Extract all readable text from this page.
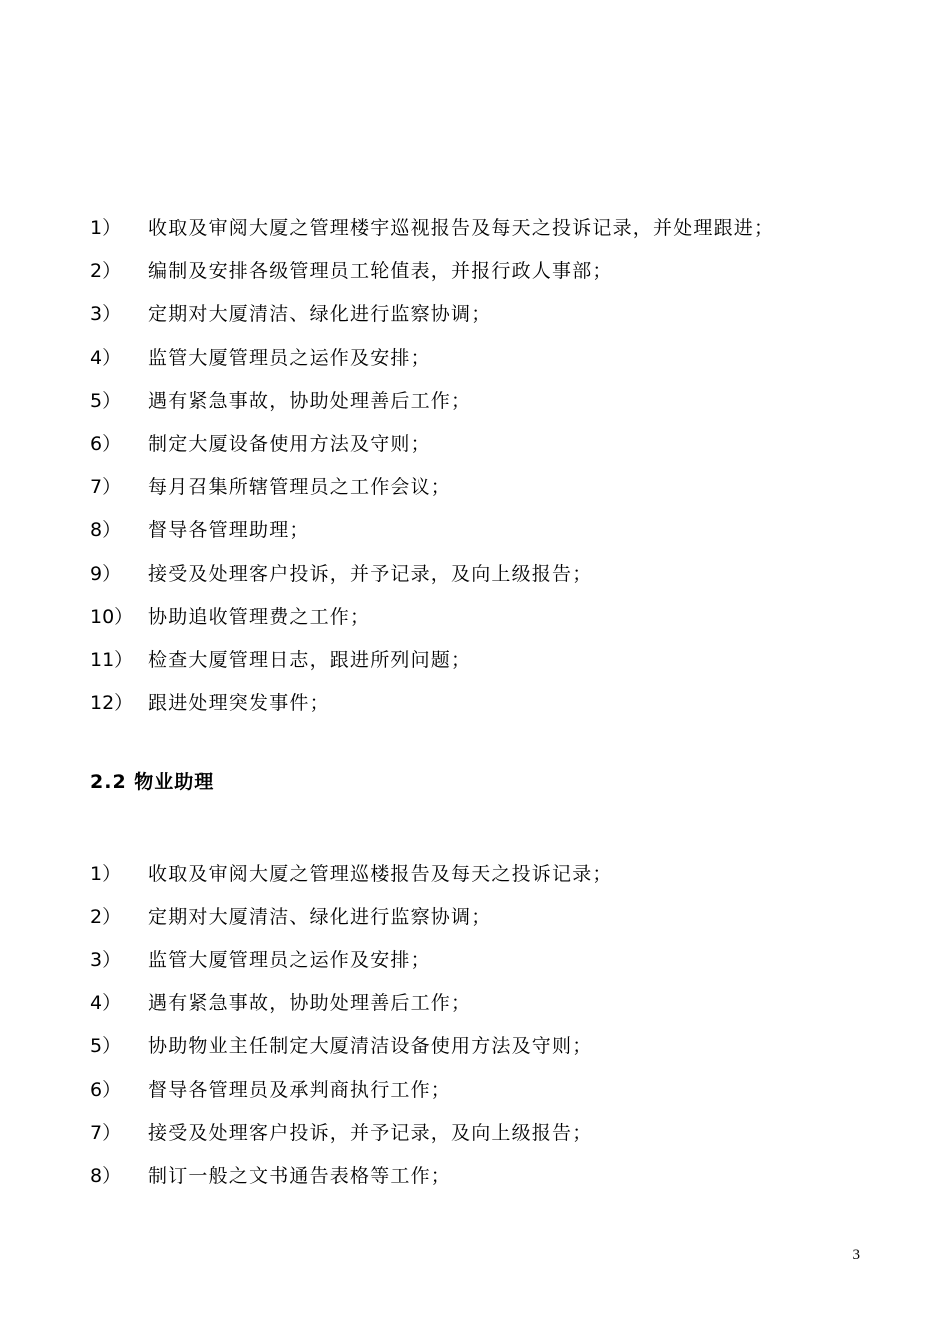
1）	收取及审阅大厦之管理楼宇巡视报告及每天之投诉记录，并处理跟进；
2）	编制及安排各级管理员工轮值表，并报行政人事部；
3）	定期对大厦清洁、绿化进行监察协调；
4）	监管大厦管理员之运作及安排；
5）	遇有紧急事故，协助处理善后工作；
6）	制定大厦设备使用方法及守则；
7）	每月召集所辖管理员之工作会议；
8）	督导各管理助理；
9）	接受及处理客户投诉，并予记录，及向上级报告；
10） 协助追收管理费之工作；
11） 检查大厦管理日志，跟进所列问题；
12） 跟进处理突发事件；
2.2 物业助理
1）	收取及审阅大厦之管理巡楼报告及每天之投诉记录；
2）	定期对大厦清洁、绿化进行监察协调；
3）	监管大厦管理员之运作及安排；
4）	遇有紧急事故，协助处理善后工作；
5）	协助物业主任制定大厦清洁设备使用方法及守则；
6）	督导各管理员及承判商执行工作；
7）	接受及处理客户投诉，并予记录，及向上级报告；
8）	制订一般之文书通告表格等工作；
3
